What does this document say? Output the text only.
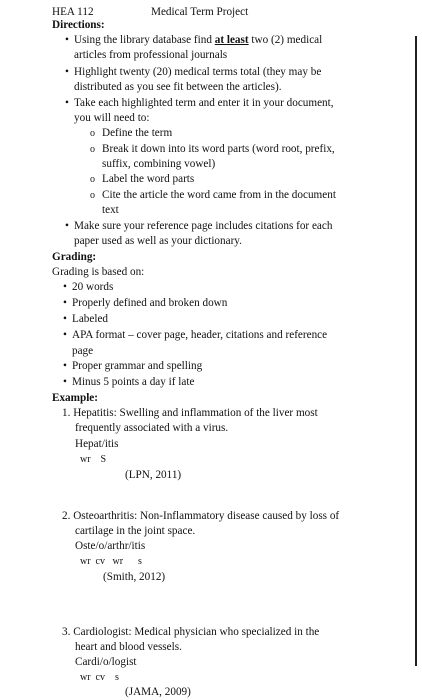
HEA 112	Medical Term Project
Directions:
• Using the library database find at least two (2) medical
articles from professional journals
• Highlight twenty (20) medical terms total (they may be
distributed as you see fit between the articles).
• Take each highlighted term and enter it in your document,
you will need to:
o Define the term
o Break it down into its word parts (word root, prefix,
suffix, combining vowel)
o Label the word parts
o Cite the article the word came from in the document
text
• Make sure your reference page includes citations for each
paper used as well as your dictionary.
Grading:
Grading is based on:
• 20 words
• Properly defined and broken down
• Labeled
• APA format – cover page, header, citations and reference
page
• Proper grammar and spelling
• Minus 5 points a day if late
Example:
1. Hepatitis: Swelling and inflammation of the liver most
frequently associated with a virus.
Hepat/itis
wr    S
(LPN, 2011)
2. Osteoarthritis: Non-Inflammatory disease caused by loss of
cartilage in the joint space.
Oste/o/arthr/itis
wr  cv   wr      s
(Smith, 2012)
3. Cardiologist: Medical physician who specialized in the
heart and blood vessels.
Cardi/o/logist
wr  cv    s
(JAMA, 2009)
